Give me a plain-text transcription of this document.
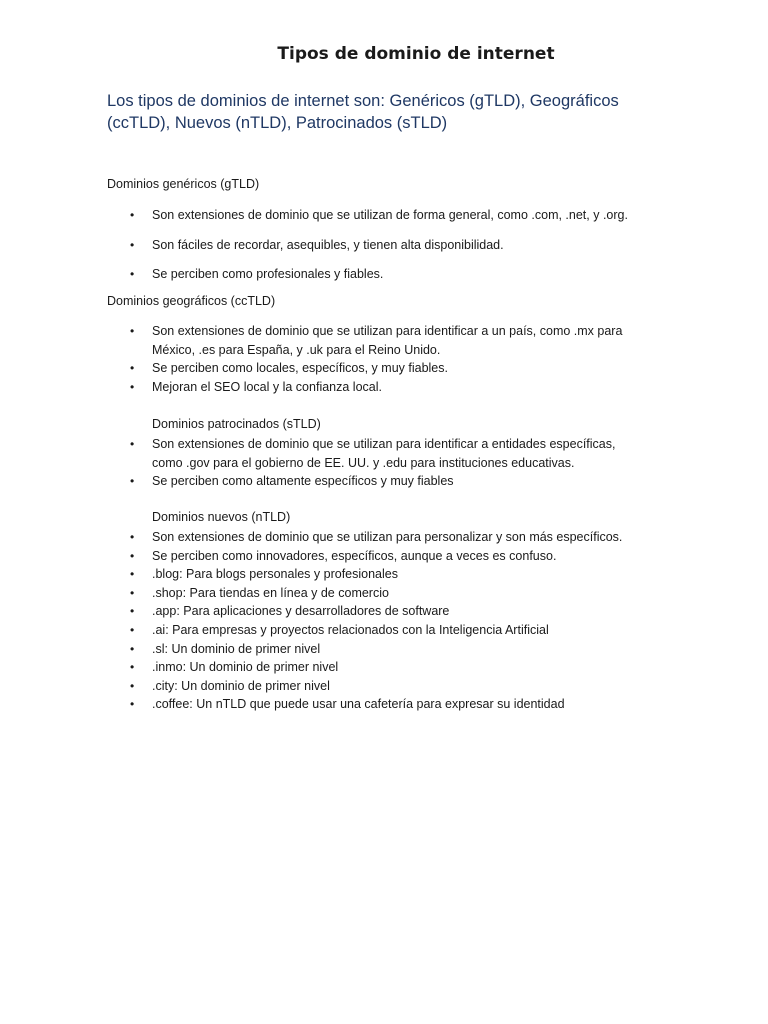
Tipos de dominio de internet

Los tipos de dominios de internet son: Genéricos (gTLD), Geográficos (ccTLD), Nuevos (nTLD), Patrocinados (sTLD)

Dominios genéricos (gTLD)

• Son extensiones de dominio que se utilizan de forma general, como .com, .net, y .org.
• Son fáciles de recordar, asequibles, y tienen alta disponibilidad.
• Se perciben como profesionales y fiables.

Dominios geográficos (ccTLD)

• Son extensiones de dominio que se utilizan para identificar a un país, como .mx para México, .es para España, y .uk para el Reino Unido.
• Se perciben como locales, específicos, y muy fiables.
• Mejoran el SEO local y la confianza local.

Dominios patrocinados (sTLD)

• Son extensiones de dominio que se utilizan para identificar a entidades específicas, como .gov para el gobierno de EE. UU. y .edu para instituciones educativas.
• Se perciben como altamente específicos y muy fiables

Dominios nuevos (nTLD)

• Son extensiones de dominio que se utilizan para personalizar y son más específicos.
• Se perciben como innovadores, específicos, aunque a veces es confuso.
• .blog: Para blogs personales y profesionales
• .shop: Para tiendas en línea y de comercio
• .app: Para aplicaciones y desarrolladores de software
• .ai: Para empresas y proyectos relacionados con la Inteligencia Artificial
• .sl: Un dominio de primer nivel
• .inmo: Un dominio de primer nivel
• .city: Un dominio de primer nivel
• .coffee: Un nTLD que puede usar una cafetería para expresar su identidad
